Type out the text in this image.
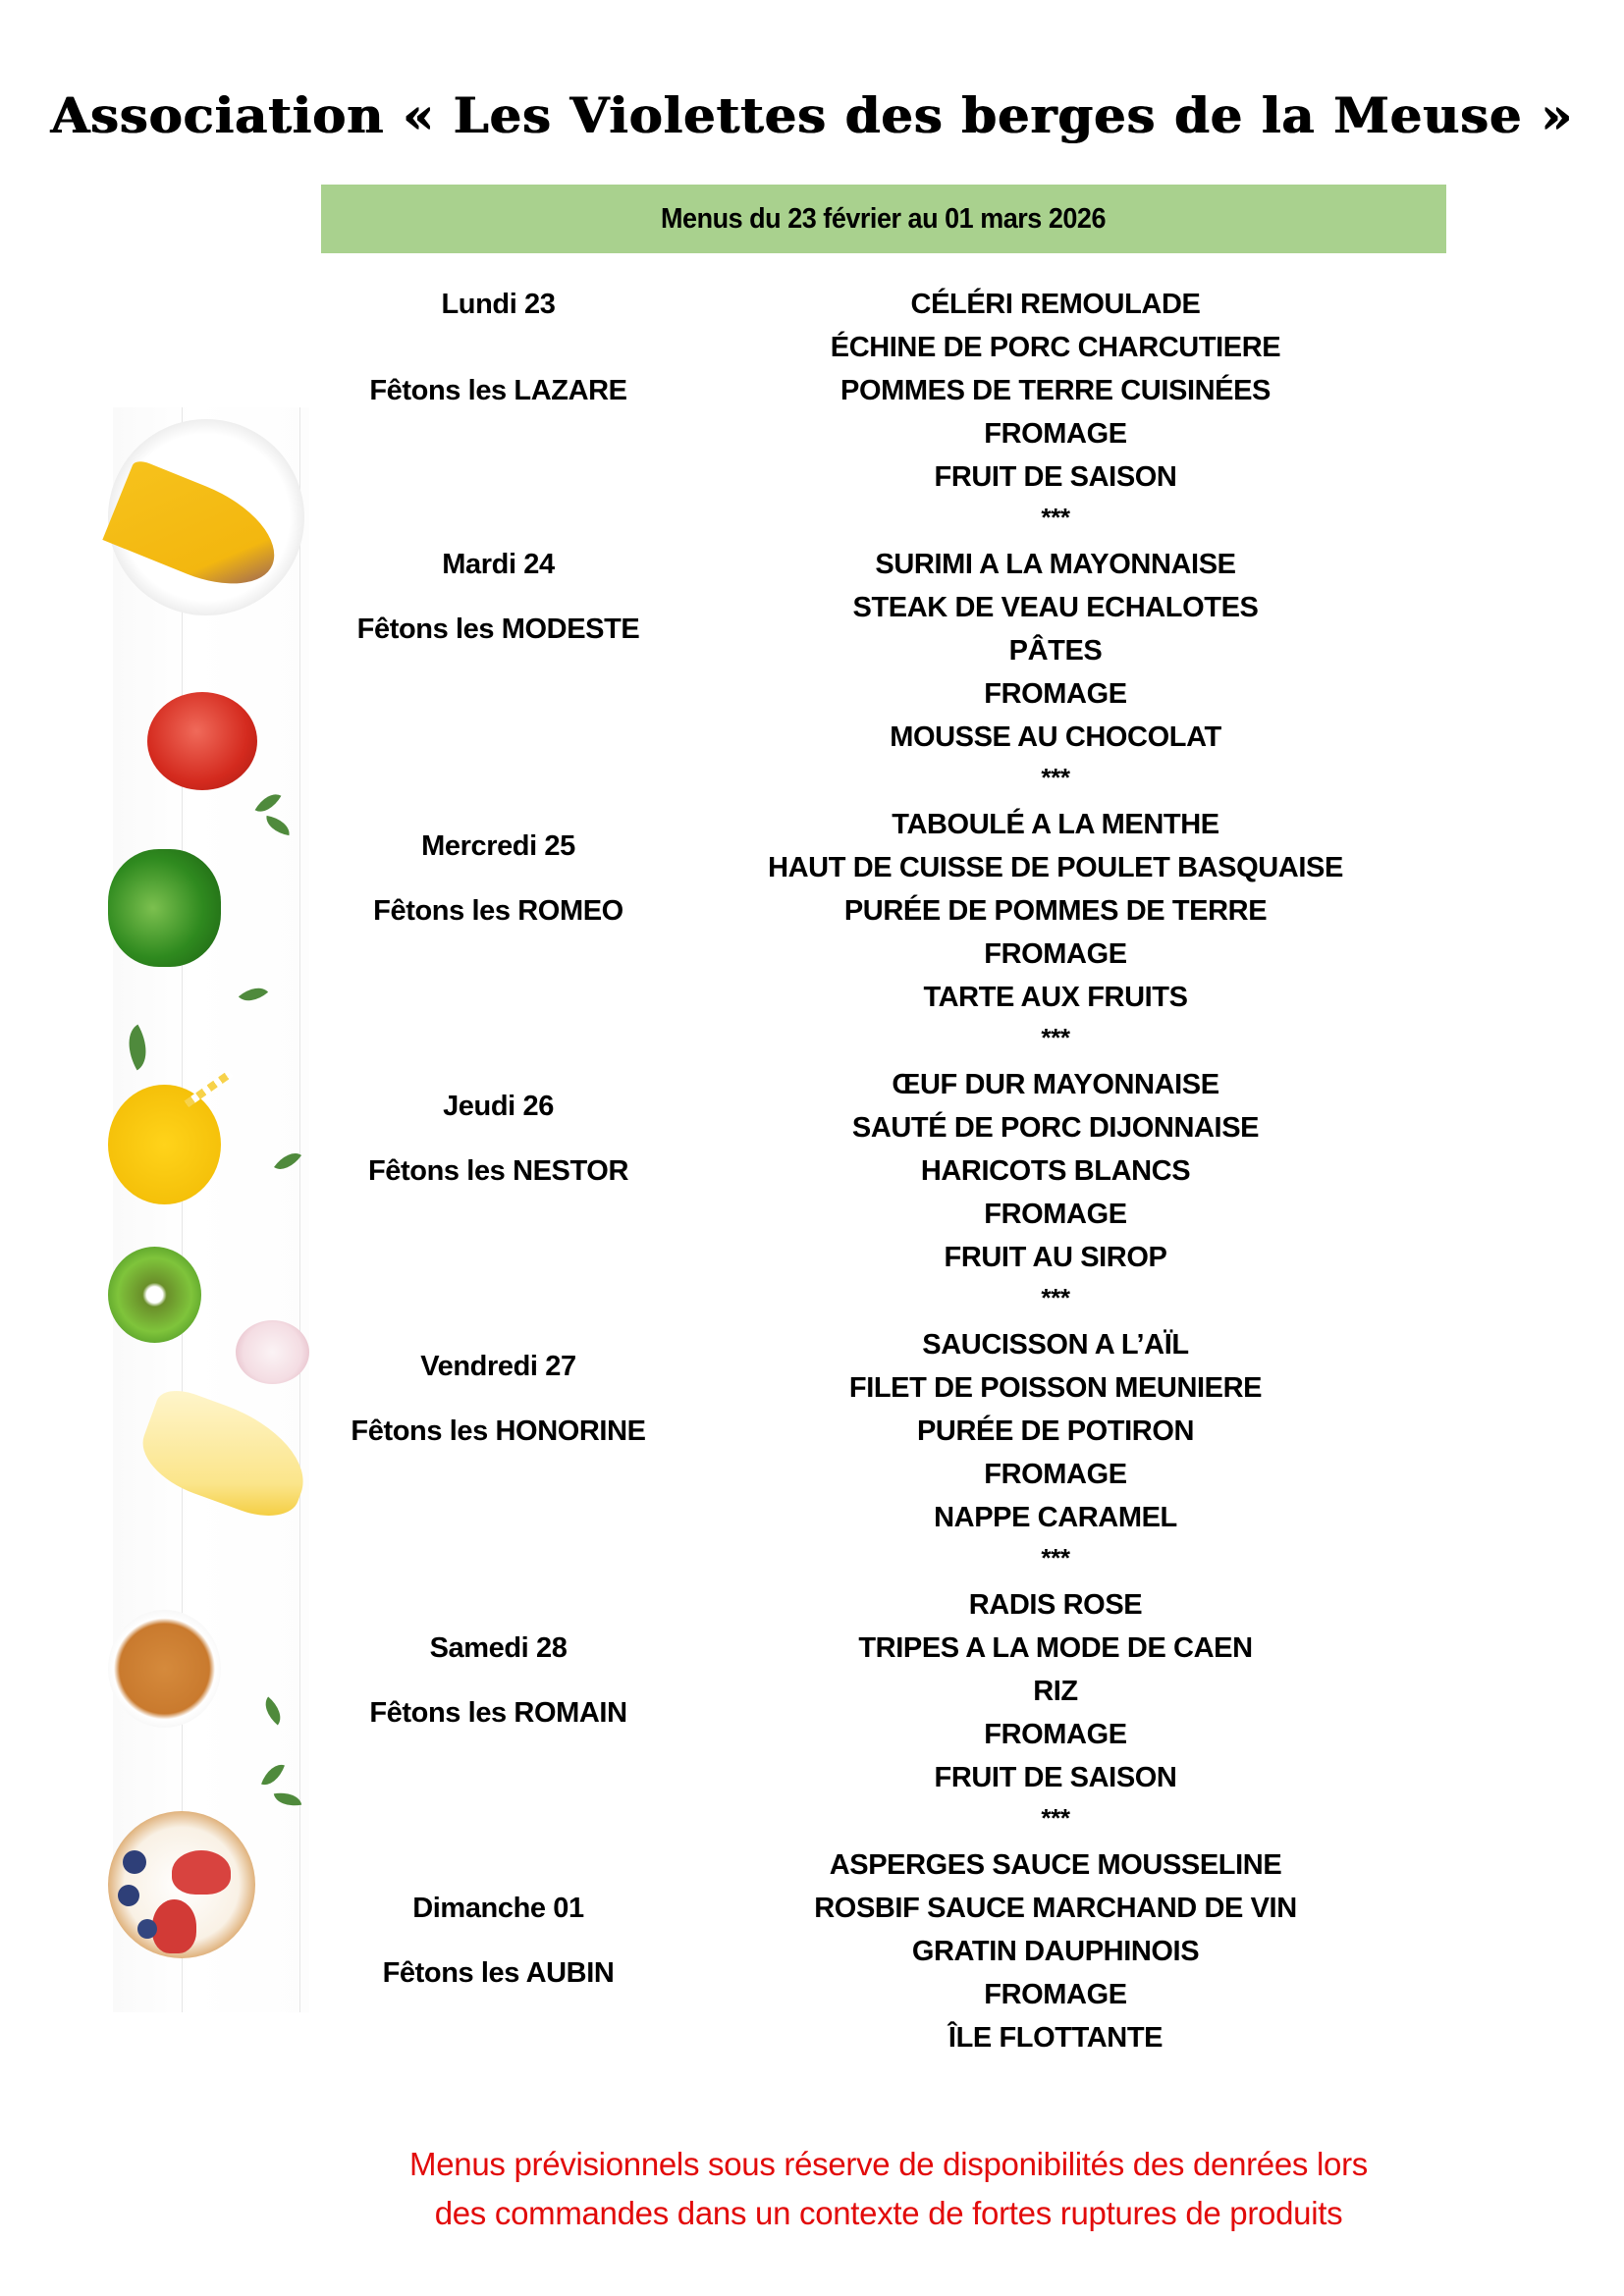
Association « Les Violettes des berges de la Meuse »
Menus du 23 février au 01 mars 2026
Lundi 23
Fêtons les LAZARE
CÉLÉRI REMOULADE
ÉCHINE DE PORC CHARCUTIERE
POMMES DE TERRE CUISINÉES
FROMAGE
FRUIT DE SAISON
***
Mardi 24
Fêtons les MODESTE
SURIMI A LA MAYONNAISE
STEAK DE VEAU ECHALOTES
PÂTES
FROMAGE
MOUSSE AU CHOCOLAT
***
Mercredi 25
Fêtons les ROMEO
TABOULÉ A LA MENTHE
HAUT DE CUISSE DE POULET BASQUAISE
PURÉE DE POMMES DE TERRE
FROMAGE
TARTE AUX FRUITS
***
Jeudi 26
Fêtons les NESTOR
ŒUF DUR MAYONNAISE
SAUTÉ DE PORC DIJONNAISE
HARICOTS BLANCS
FROMAGE
FRUIT AU SIROP
***
Vendredi 27
Fêtons les HONORINE
SAUCISSON A L’AÏL
FILET DE POISSON MEUNIERE
PURÉE DE POTIRON
FROMAGE
NAPPE CARAMEL
***
Samedi 28
Fêtons les ROMAIN
RADIS ROSE
TRIPES A LA MODE DE CAEN
RIZ
FROMAGE
FRUIT DE SAISON
***
Dimanche 01
Fêtons les AUBIN
ASPERGES SAUCE MOUSSELINE
ROSBIF SAUCE MARCHAND DE VIN
GRATIN DAUPHINOIS
FROMAGE
ÎLE FLOTTANTE
Menus prévisionnels sous réserve de disponibilités des denrées lors
des commandes dans un contexte de fortes ruptures de produits
